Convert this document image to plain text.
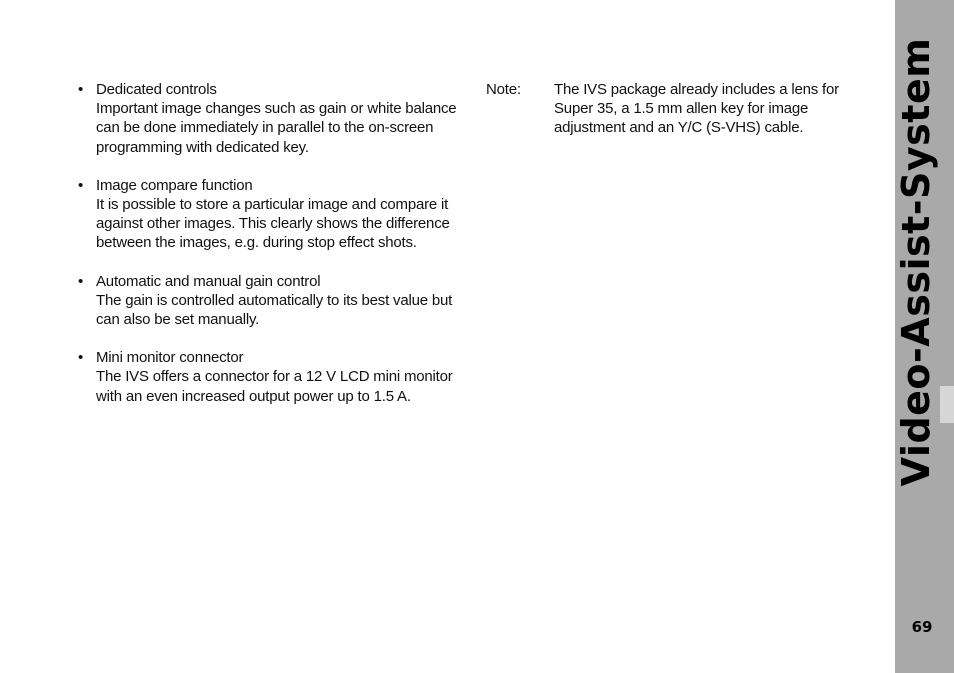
• Dedicated controls
Important image changes such as gain or white balance can be done immediately in parallel to the on-screen programming with dedicated key.
• Image compare function
It is possible to store a particular image and compare it against other images. This clearly shows the difference between the images, e.g. during stop effect shots.
• Automatic and manual gain control
The gain is controlled automatically to its best value but can also be set manually.
• Mini monitor connector
The IVS offers a connector for a 12 V LCD mini monitor with an even increased output power up to 1.5 A.
Note: The IVS package already includes a lens for Super 35, a 1.5 mm allen key for image adjustment and an Y/C (S-VHS) cable.	Video-Assist-System
69
